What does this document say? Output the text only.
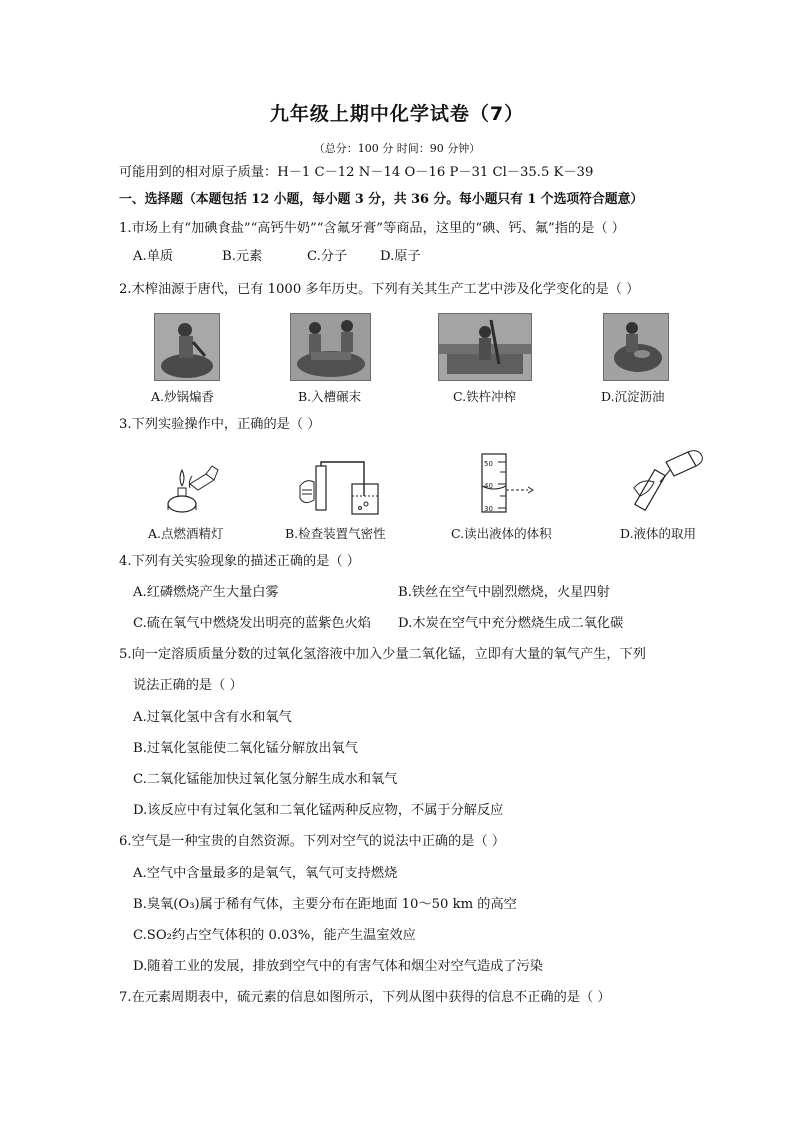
九年级上期中化学试卷（7）
（总分：100 分 时间：90 分钟）
可能用到的相对原子质量：H－1 C－12 N－14 O－16 P－31 Cl－35.5 K－39
一、选择题（本题包括 12 小题，每小题 3 分，共 36 分。每小题只有 1 个选项符合题意）
1.市场上有“加碘食盐”“高钙牛奶”“含氟牙膏”等商品，这里的“碘、钙、氟”指的是（ ）
A.单质	B.元素	C.分子 D.原子
2.木榨油源于唐代，已有 1000 多年历史。下列有关其生产工艺中涉及化学变化的是（ ）
A.炒锅煸香	B.入槽碾末	C.铁杵冲榨	D.沉淀沥油
3.下列实验操作中，正确的是（ ）
50
40
30
A.点燃酒精灯	B.检查装置气密性	C.读出液体的体积	D.液体的取用
4.下列有关实验现象的描述正确的是（ ）
A.红磷燃烧产生大量白雾	B.铁丝在空气中剧烈燃烧，火星四射
C.硫在氧气中燃烧发出明亮的蓝紫色火焰 D.木炭在空气中充分燃烧生成二氧化碳
5.向一定溶质质量分数的过氧化氢溶液中加入少量二氧化锰，立即有大量的氧气产生，下列
说法正确的是（ ）
A.过氧化氢中含有水和氧气
B.过氧化氢能使二氧化锰分解放出氧气
C.二氧化锰能加快过氧化氢分解生成水和氧气
D.该反应中有过氧化氢和二氧化锰两种反应物，不属于分解反应
6.空气是一种宝贵的自然资源。下列对空气的说法中正确的是（ ）
A.空气中含量最多的是氧气，氧气可支持燃烧
B.臭氧(O₃)属于稀有气体，主要分布在距地面 10～50 km 的高空
C.SO₂约占空气体积的 0.03%，能产生温室效应
D.随着工业的发展，排放到空气中的有害气体和烟尘对空气造成了污染
7.在元素周期表中，硫元素的信息如图所示，下列从图中获得的信息不正确的是（ ）
